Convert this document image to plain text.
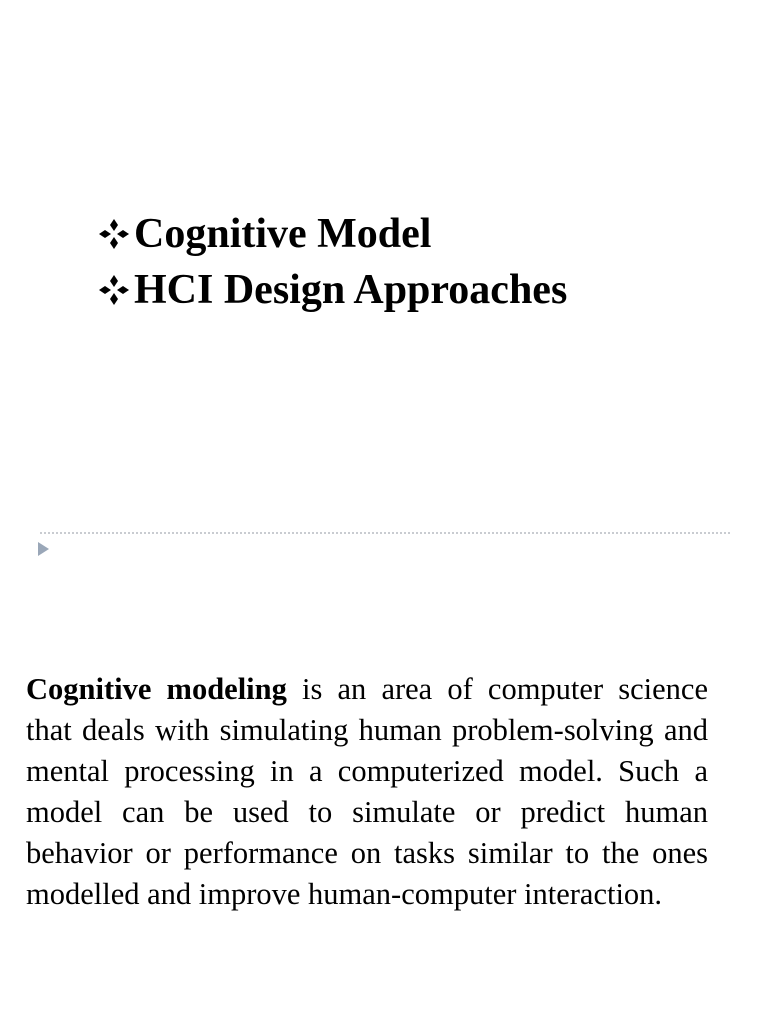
Cognitive Model
HCI Design Approaches
Cognitive modeling is an area of computer science that deals with simulating human problem-solving and mental processing in a computerized model. Such a model can be used to simulate or predict human behavior or performance on tasks similar to the ones modelled and improve human-computer interaction.
